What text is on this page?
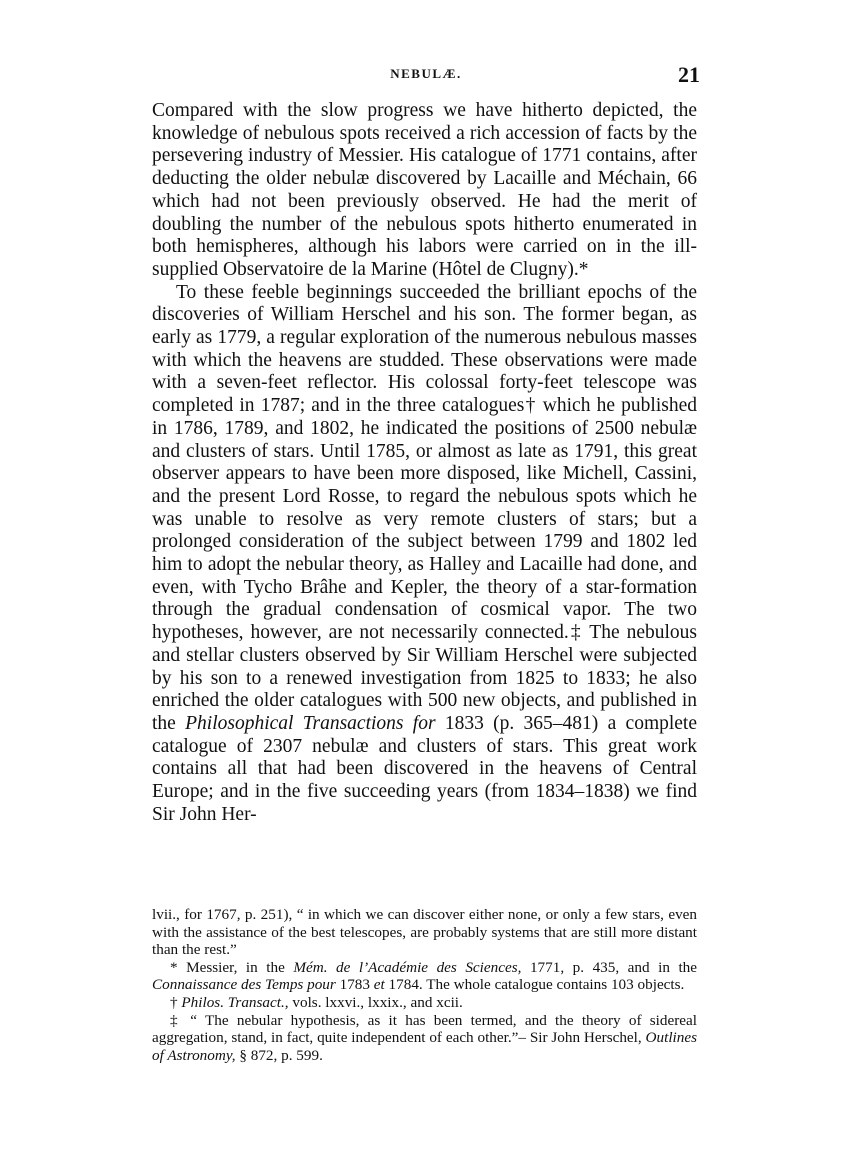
NEBULÆ.	21

Compared with the slow progress we have hitherto depicted, the knowledge of nebulous spots received a rich accession of facts by the persevering industry of Messier. His catalogue of 1771 contains, after deducting the older nebulæ discovered by Lacaille and Méchain, 66 which had not been previously observed. He had the merit of doubling the number of the nebulous spots hitherto enumerated in both hemispheres, although his labors were carried on in the ill-supplied Observatoire de la Marine (Hôtel de Clugny).*

To these feeble beginnings succeeded the brilliant epochs of the discoveries of William Herschel and his son. The former began, as early as 1779, a regular exploration of the numerous nebulous masses with which the heavens are studded. These observations were made with a seven-feet reflector. His colossal forty-feet telescope was completed in 1787; and in the three catalogues† which he published in 1786, 1789, and 1802, he indicated the positions of 2500 nebulæ and clusters of stars. Until 1785, or almost as late as 1791, this great observer appears to have been more disposed, like Michell, Cassini, and the present Lord Rosse, to regard the nebulous spots which he was unable to resolve as very remote clusters of stars; but a prolonged consideration of the subject between 1799 and 1802 led him to adopt the nebular theory, as Halley and Lacaille had done, and even, with Tycho Brâhe and Kepler, the theory of a star-formation through the gradual condensation of cosmical vapor. The two hypotheses, however, are not necessarily connected.‡ The nebulous and stellar clusters observed by Sir William Herschel were subjected by his son to a renewed investigation from 1825 to 1833; he also enriched the older catalogues with 500 new objects, and published in the Philosophical Transactions for 1833 (p. 365–481) a complete catalogue of 2307 nebulæ and clusters of stars. This great work contains all that had been discovered in the heavens of Central Europe; and in the five succeeding years (from 1834–1838) we find Sir John Her-

lvii., for 1767, p. 251), “ in which we can discover either none, or only a few stars, even with the assistance of the best telescopes, are probably systems that are still more distant than the rest.”

* Messier, in the Mém. de l’Académie des Sciences, 1771, p. 435, and in the Connaissance des Temps pour 1783 et 1784. The whole catalogue contains 103 objects.

† Philos. Transact., vols. lxxvi., lxxix., and xcii.

‡ “ The nebular hypothesis, as it has been termed, and the theory of sidereal aggregation, stand, in fact, quite independent of each other.”– Sir John Herschel, Outlines of Astronomy, § 872, p. 599.
